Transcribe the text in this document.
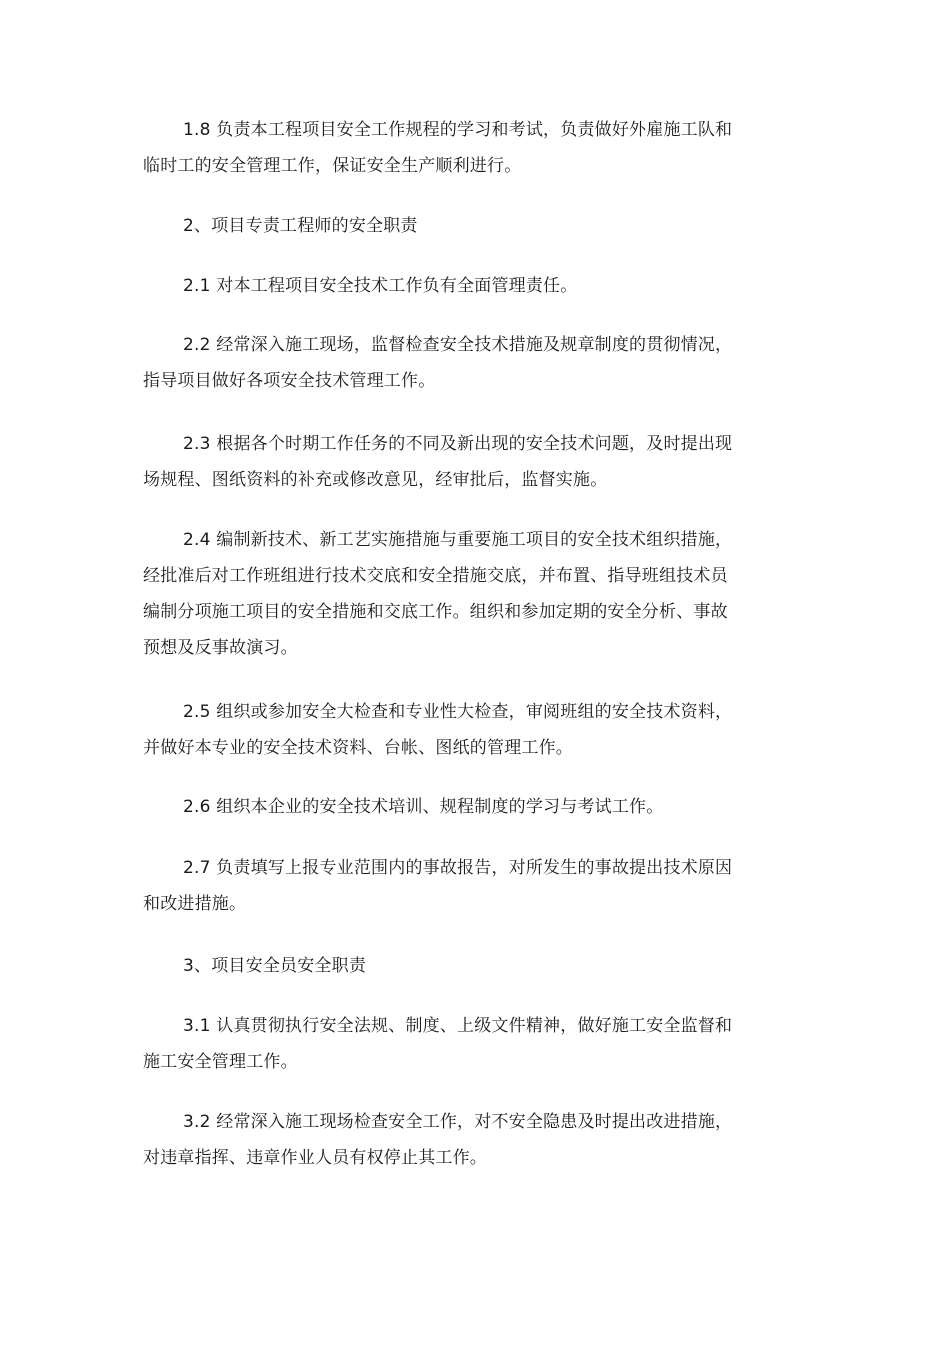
1.8 负责本工程项目安全工作规程的学习和考试，负责做好外雇施工队和
临时工的安全管理工作，保证安全生产顺利进行。

2、项目专责工程师的安全职责

2.1 对本工程项目安全技术工作负有全面管理责任。

2.2 经常深入施工现场，监督检查安全技术措施及规章制度的贯彻情况，
指导项目做好各项安全技术管理工作。

2.3 根据各个时期工作任务的不同及新出现的安全技术问题，及时提出现
场规程、图纸资料的补充或修改意见，经审批后，监督实施。

2.4 编制新技术、新工艺实施措施与重要施工项目的安全技术组织措施，
经批准后对工作班组进行技术交底和安全措施交底，并布置、指导班组技术员
编制分项施工项目的安全措施和交底工作。组织和参加定期的安全分析、事故
预想及反事故演习。

2.5 组织或参加安全大检查和专业性大检查，审阅班组的安全技术资料，
并做好本专业的安全技术资料、台帐、图纸的管理工作。

2.6 组织本企业的安全技术培训、规程制度的学习与考试工作。

2.7 负责填写上报专业范围内的事故报告，对所发生的事故提出技术原因
和改进措施。

3、项目安全员安全职责

3.1 认真贯彻执行安全法规、制度、上级文件精神，做好施工安全监督和
施工安全管理工作。

3.2 经常深入施工现场检查安全工作，对不安全隐患及时提出改进措施，
对违章指挥、违章作业人员有权停止其工作。
